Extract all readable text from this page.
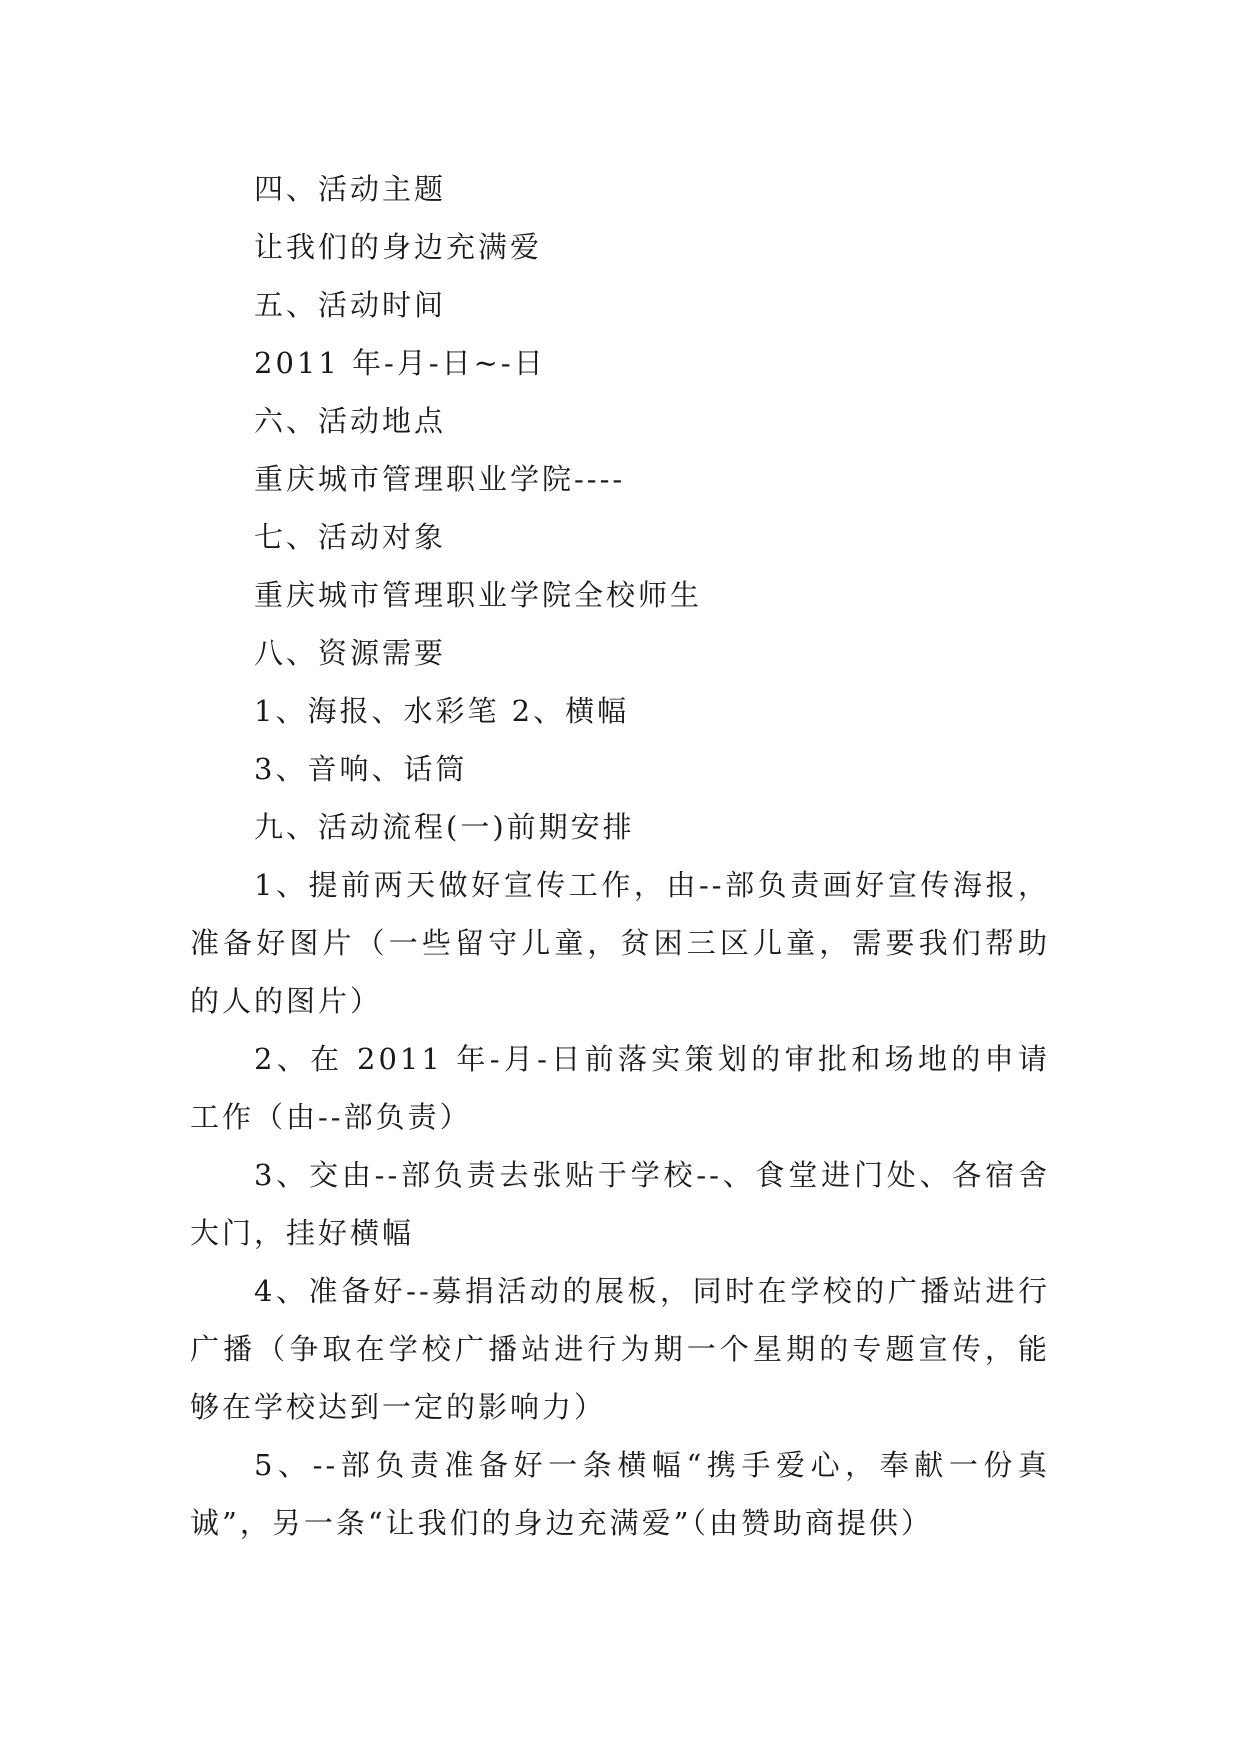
四、活动主题

让我们的身边充满爱

五、活动时间

2011 年-月-日~-日

六、活动地点

重庆城市管理职业学院----

七、活动对象

重庆城市管理职业学院全校师生

八、资源需要

1、海报、水彩笔 2、横幅

3、音响、话筒

九、活动流程(一)前期安排

1、提前两天做好宣传工作，由--部负责画好宣传海报，准备好图片（一些留守儿童，贫困三区儿童，需要我们帮助的人的图片）

2、在 2011 年-月-日前落实策划的审批和场地的申请工作（由--部负责）

3、交由--部负责去张贴于学校--、食堂进门处、各宿舍大门，挂好横幅

4、准备好--募捐活动的展板，同时在学校的广播站进行广播（争取在学校广播站进行为期一个星期的专题宣传，能够在学校达到一定的影响力）

5、--部负责准备好一条横幅“携手爱心，奉献一份真诚”，另一条“让我们的身边充满爱”（由赞助商提供）
